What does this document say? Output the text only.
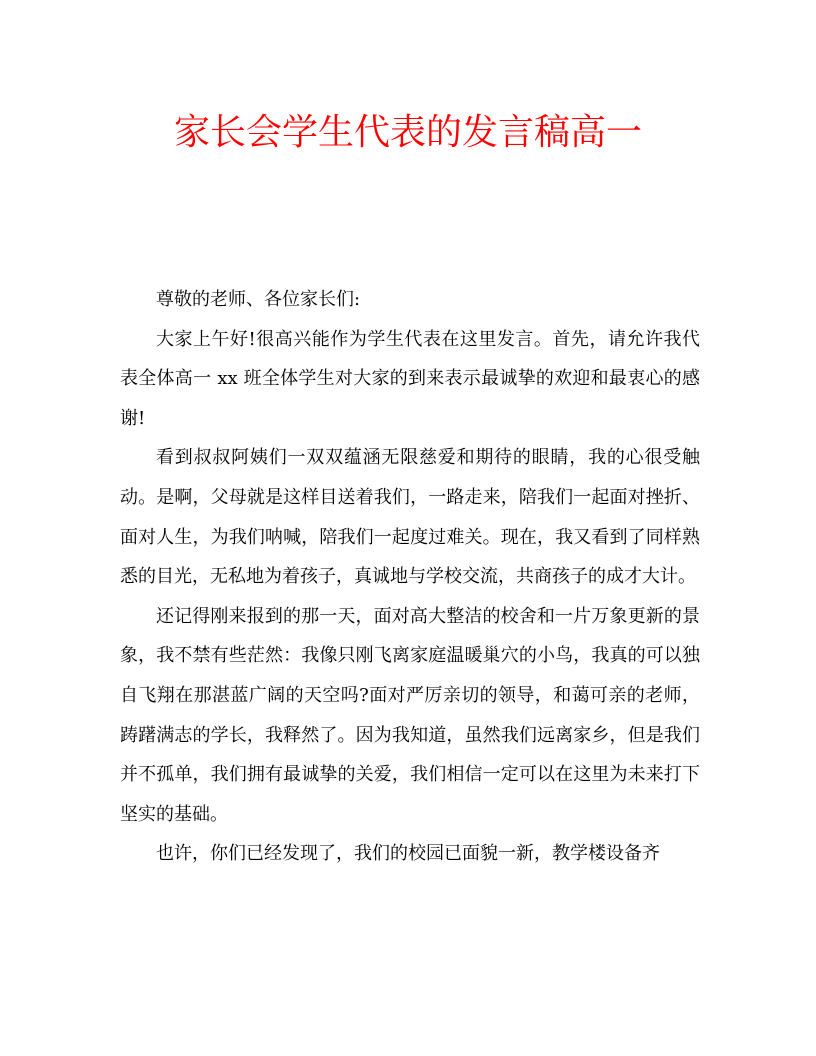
家长会学生代表的发言稿高一

尊敬的老师、各位家长们:

大家上午好!很高兴能作为学生代表在这里发言。首先，请允许我代表全体高一 xx 班全体学生对大家的到来表示最诚挚的欢迎和最衷心的感谢!

看到叔叔阿姨们一双双蕴涵无限慈爱和期待的眼睛，我的心很受触动。是啊，父母就是这样目送着我们，一路走来，陪我们一起面对挫折、面对人生，为我们呐喊，陪我们一起度过难关。现在，我又看到了同样熟悉的目光，无私地为着孩子，真诚地与学校交流，共商孩子的成才大计。

还记得刚来报到的那一天，面对高大整洁的校舍和一片万象更新的景象，我不禁有些茫然：我像只刚飞离家庭温暖巢穴的小鸟，我真的可以独自飞翔在那湛蓝广阔的天空吗?面对严厉亲切的领导，和蔼可亲的老师，踌躇满志的学长，我释然了。因为我知道，虽然我们远离家乡，但是我们并不孤单，我们拥有最诚挚的关爱，我们相信一定可以在这里为未来打下坚实的基础。

也许，你们已经发现了，我们的校园已面貌一新，教学楼设备齐
